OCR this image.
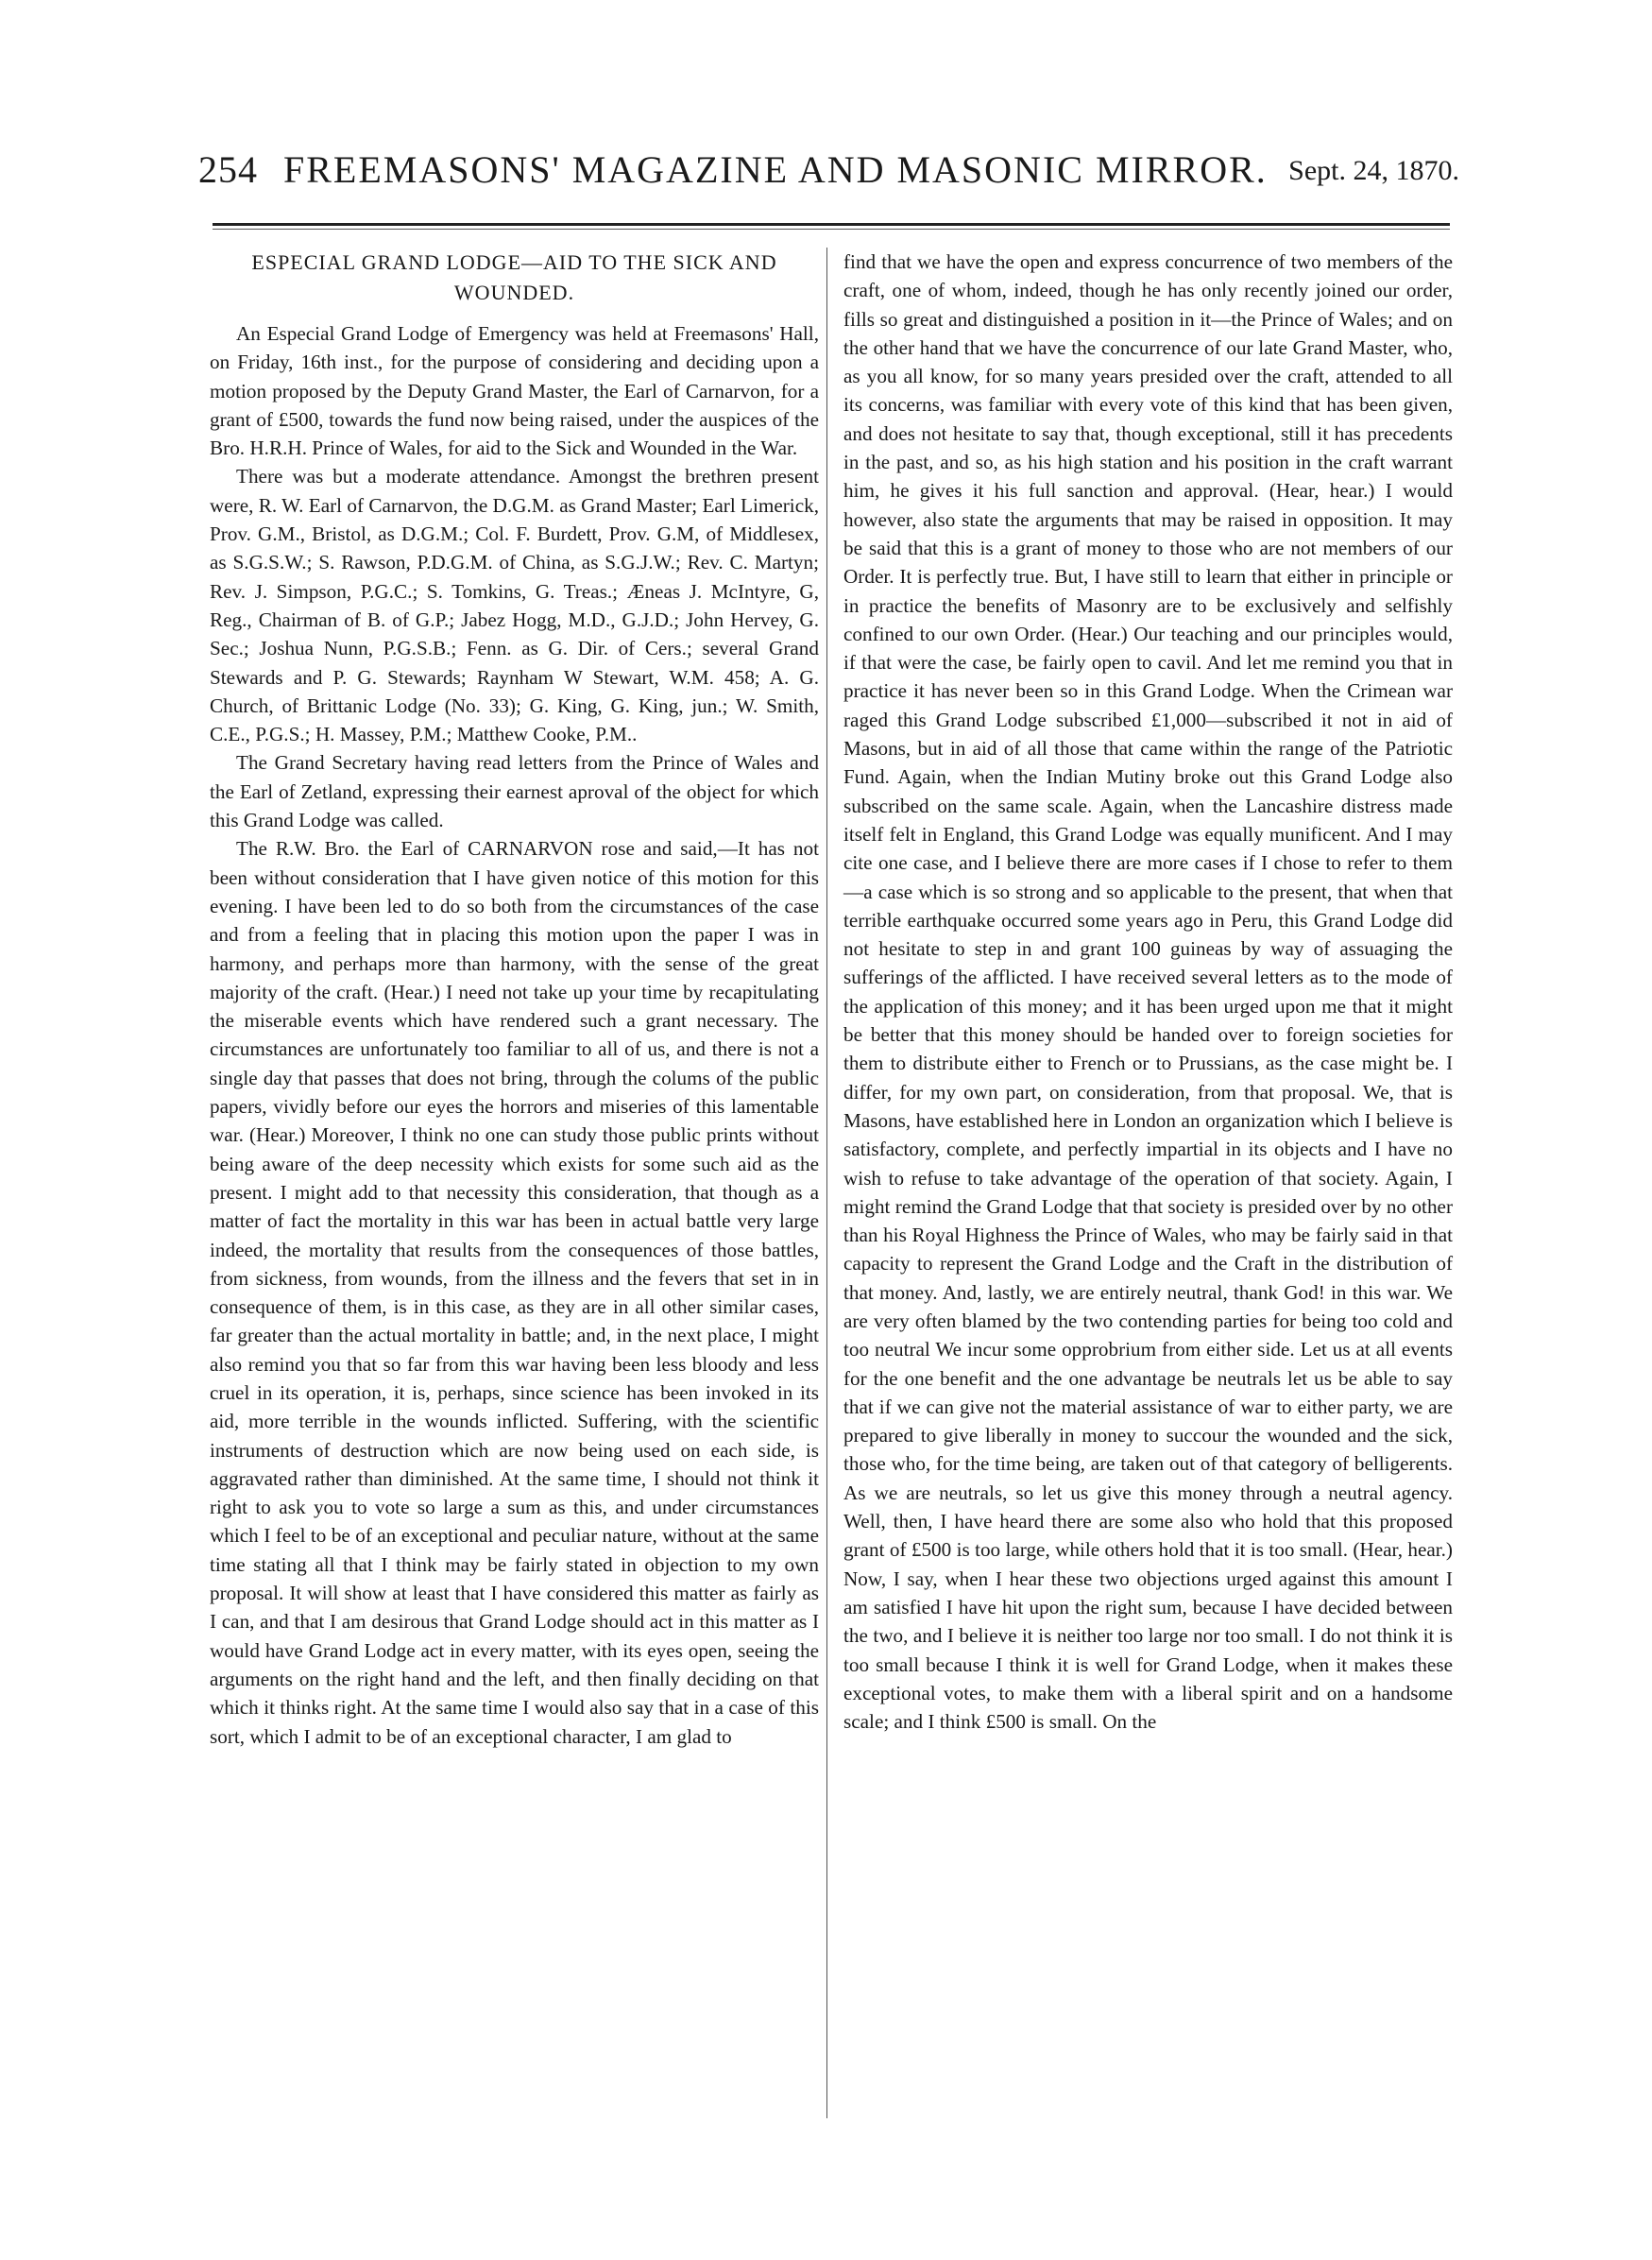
254 FREEMASONS' MAGAZINE AND MASONIC MIRROR. Sept. 24, 1870.
ESPECIAL GRAND LODGE—AID TO THE SICK AND WOUNDED.

An Especial Grand Lodge of Emergency was held at Freemasons' Hall, on Friday, 16th inst., for the purpose of considering and deciding upon a motion proposed by the Deputy Grand Master, the Earl of Carnarvon, for a grant of £500, towards the fund now being raised, under the auspices of the Bro. H.R.H. Prince of Wales, for aid to the Sick and Wounded in the War.

There was but a moderate attendance. Amongst the brethren present were, R. W. Earl of Carnarvon, the D.G.M. as Grand Master; Earl Limerick, Prov. G.M., Bristol, as D.G.M.; Col. F. Burdett, Prov. G.M, of Middlesex, as S.G.S.W.; S. Rawson, P.D.G.M. of China, as S.G.J.W.; Rev. C. Martyn; Rev. J. Simpson, P.G.C.; S. Tomkins, G. Treas.; Æneas J. McIntyre, G, Reg., Chairman of B. of G.P.; Jabez Hogg, M.D., G.J.D.; John Hervey, G. Sec.; Joshua Nunn, P.G.S.B.; Fenn. as G. Dir. of Cers.; several Grand Stewards and P. G. Stewards; Raynham W Stewart, W.M. 458; A. G. Church, of Brittanic Lodge (No. 33); G. King, G. King, jun.; W. Smith, C.E., P.G.S.; H. Massey, P.M.; Matthew Cooke, P.M..

The Grand Secretary having read letters from the Prince of Wales and the Earl of Zetland, expressing their earnest aproval of the object for which this Grand Lodge was called.

The R.W. Bro. the Earl of CARNARVON rose and said,—It has not been without consideration that I have given notice of this motion for this evening. I have been led to do so both from the circumstances of the case and from a feeling that in placing this motion upon the paper I was in harmony, and perhaps more than harmony, with the sense of the great majority of the craft. (Hear.) I need not take up your time by recapitulating the miserable events which have rendered such a grant necessary. The circumstances are unfortunately too familiar to all of us, and there is not a single day that passes that does not bring, through the colums of the public papers, vividly before our eyes the horrors and miseries of this lamentable war. (Hear.) Moreover, I think no one can study those public prints without being aware of the deep necessity which exists for some such aid as the present. I might add to that necessity this consideration, that though as a matter of fact the mortality in this war has been in actual battle very large indeed, the mortality that results from the consequences of those battles, from sickness, from wounds, from the illness and the fevers that set in in consequence of them, is in this case, as they are in all other similar cases, far greater than the actual mortality in battle; and, in the next place, I might also remind you that so far from this war having been less bloody and less cruel in its operation, it is, perhaps, since science has been invoked in its aid, more terrible in the wounds inflicted. Suffering, with the scientific instruments of destruction which are now being used on each side, is aggravated rather than diminished. At the same time, I should not think it right to ask you to vote so large a sum as this, and under circumstances which I feel to be of an exceptional and peculiar nature, without at the same time stating all that I think may be fairly stated in objection to my own proposal. It will show at least that I have considered this matter as fairly as I can, and that I am desirous that Grand Lodge should act in this matter as I would have Grand Lodge act in every matter, with its eyes open, seeing the arguments on the right hand and the left, and then finally deciding on that which it thinks right. At the same time I would also say that in a case of this sort, which I admit to be of an exceptional character, I am glad to

find that we have the open and express concurrence of two members of the craft, one of whom, indeed, though he has only recently joined our order, fills so great and distinguished a position in it—the Prince of Wales; and on the other hand that we have the concurrence of our late Grand Master, who, as you all know, for so many years presided over the craft, attended to all its concerns, was familiar with every vote of this kind that has been given, and does not hesitate to say that, though exceptional, still it has precedents in the past, and so, as his high station and his position in the craft warrant him, he gives it his full sanction and approval. (Hear, hear.) I would however, also state the arguments that may be raised in opposition. It may be said that this is a grant of money to those who are not members of our Order. It is perfectly true. But, I have still to learn that either in principle or in practice the benefits of Masonry are to be exclusively and selfishly confined to our own Order. (Hear.) Our teaching and our principles would, if that were the case, be fairly open to cavil. And let me remind you that in practice it has never been so in this Grand Lodge. When the Crimean war raged this Grand Lodge subscribed £1,000—subscribed it not in aid of Masons, but in aid of all those that came within the range of the Patriotic Fund. Again, when the Indian Mutiny broke out this Grand Lodge also subscribed on the same scale. Again, when the Lancashire distress made itself felt in England, this Grand Lodge was equally munificent. And I may cite one case, and I believe there are more cases if I chose to refer to them—a case which is so strong and so applicable to the present, that when that terrible earthquake occurred some years ago in Peru, this Grand Lodge did not hesitate to step in and grant 100 guineas by way of assuaging the sufferings of the afflicted. I have received several letters as to the mode of the application of this money; and it has been urged upon me that it might be better that this money should be handed over to foreign societies for them to distribute either to French or to Prussians, as the case might be. I differ, for my own part, on consideration, from that proposal. We, that is Masons, have established here in London an organization which I believe is satisfactory, complete, and perfectly impartial in its objects and I have no wish to refuse to take advantage of the operation of that society. Again, I might remind the Grand Lodge that that society is presided over by no other than his Royal Highness the Prince of Wales, who may be fairly said in that capacity to represent the Grand Lodge and the Craft in the distribution of that money. And, lastly, we are entirely neutral, thank God! in this war. We are very often blamed by the two contending parties for being too cold and too neutral We incur some opprobrium from either side. Let us at all events for the one benefit and the one advantage be neutrals let us be able to say that if we can give not the material assistance of war to either party, we are prepared to give liberally in money to succour the wounded and the sick, those who, for the time being, are taken out of that category of belligerents. As we are neutrals, so let us give this money through a neutral agency. Well, then, I have heard there are some also who hold that this proposed grant of £500 is too large, while others hold that it is too small. (Hear, hear.) Now, I say, when I hear these two objections urged against this amount I am satisfied I have hit upon the right sum, because I have decided between the two, and I believe it is neither too large nor too small. I do not think it is too small because I think it is well for Grand Lodge, when it makes these exceptional votes, to make them with a liberal spirit and on a handsome scale; and I think £500 is small. On the
